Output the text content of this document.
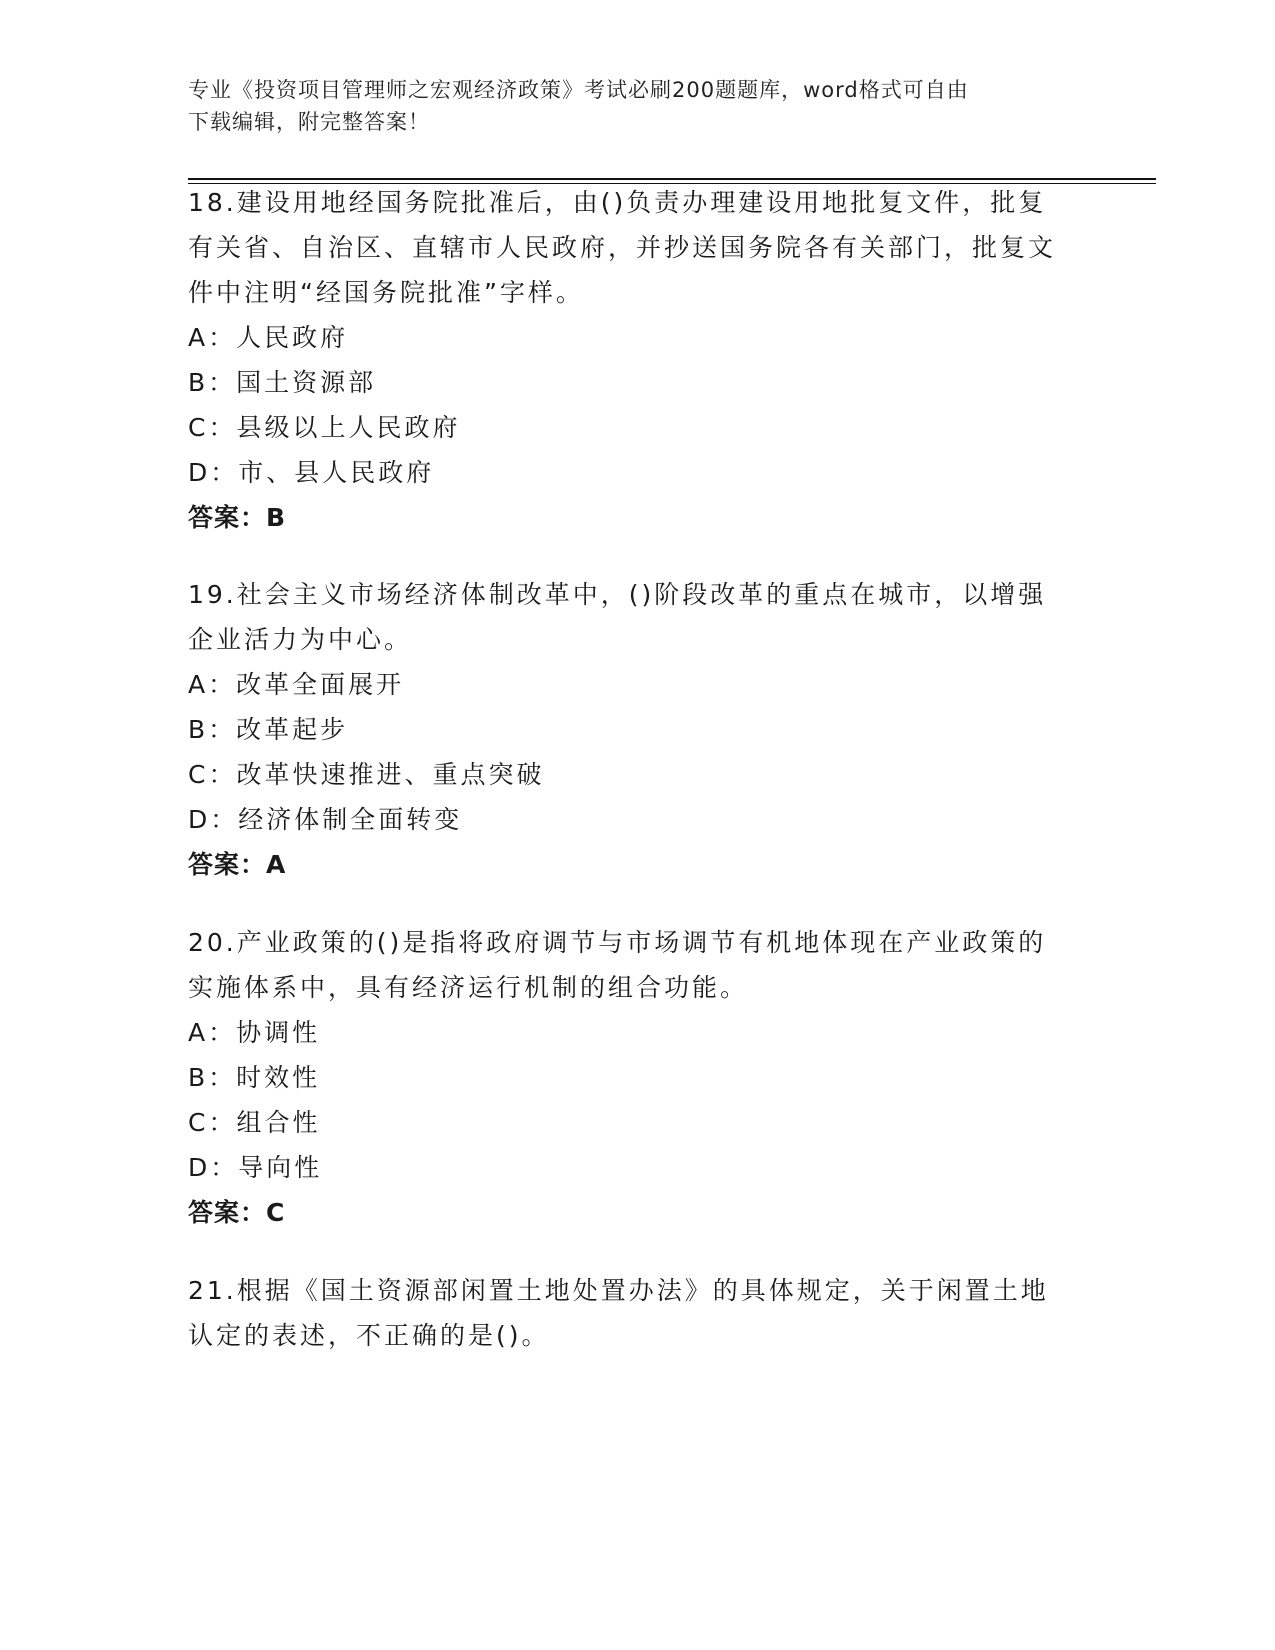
专业《投资项目管理师之宏观经济政策》考试必刷200题题库，word格式可自由
下载编辑，附完整答案！

18.建设用地经国务院批准后，由()负责办理建设用地批复文件，批复有关省、自治区、直辖市人民政府，并抄送国务院各有关部门，批复文件中注明“经国务院批准”字样。

A：人民政府

B：国土资源部

C：县级以上人民政府

D：市、县人民政府

答案：B

19.社会主义市场经济体制改革中，()阶段改革的重点在城市，以增强企业活力为中心。

A：改革全面展开

B：改革起步

C：改革快速推进、重点突破

D：经济体制全面转变

答案：A

20.产业政策的()是指将政府调节与市场调节有机地体现在产业政策的实施体系中，具有经济运行机制的组合功能。

A：协调性

B：时效性

C：组合性

D：导向性

答案：C

21.根据《国土资源部闲置土地处置办法》的具体规定，关于闲置土地认定的表述，不正确的是()。
